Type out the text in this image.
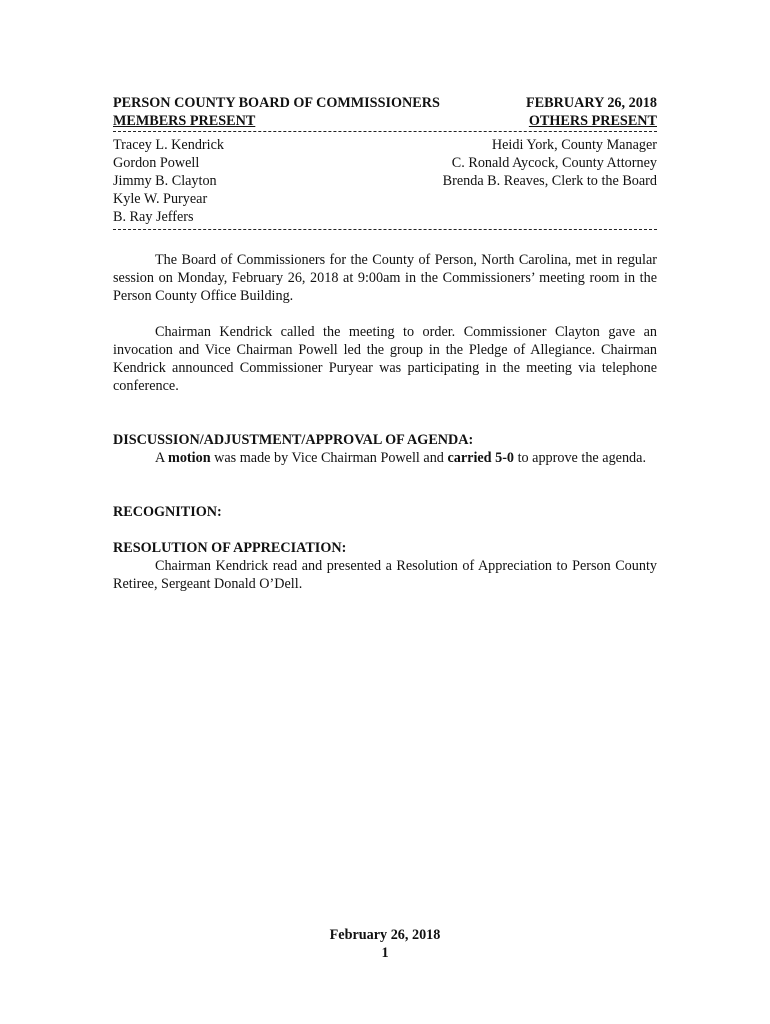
PERSON COUNTY BOARD OF COMMISSIONERS	FEBRUARY 26, 2018
MEMBERS PRESENT	OTHERS PRESENT
Tracey L. Kendrick
Gordon Powell
Jimmy B. Clayton
Kyle W. Puryear
B. Ray Jeffers
Heidi York, County Manager
C. Ronald Aycock, County Attorney
Brenda B. Reaves, Clerk to the Board

The Board of Commissioners for the County of Person, North Carolina, met in regular session on Monday, February 26, 2018 at 9:00am in the Commissioners’ meeting room in the Person County Office Building.

Chairman Kendrick called the meeting to order. Commissioner Clayton gave an invocation and Vice Chairman Powell led the group in the Pledge of Allegiance. Chairman Kendrick announced Commissioner Puryear was participating in the meeting via telephone conference.

DISCUSSION/ADJUSTMENT/APPROVAL OF AGENDA:

A motion was made by Vice Chairman Powell and carried 5-0 to approve the agenda.

RECOGNITION:
RESOLUTION OF APPRECIATION:

Chairman Kendrick read and presented a Resolution of Appreciation to Person County Retiree, Sergeant Donald O’Dell.

February 26, 2018
1
